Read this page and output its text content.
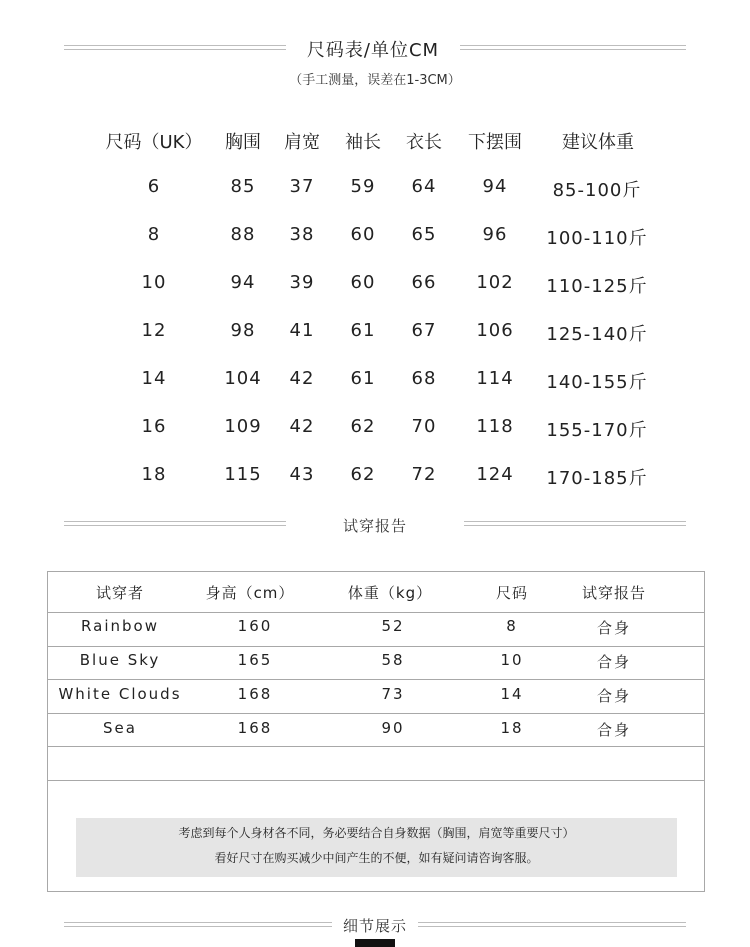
尺码表/单位CM
（手工测量，误差在1-3CM）
尺码（UK）	胸围	肩宽	袖长	衣长	下摆围	建议体重
6	85	37	59	64	94	85-100斤
8	88	38	60	65	96	100-110斤
10	94	39	60	66	102	110-125斤
12	98	41	61	67	106	125-140斤
14	104	42	61	68	114	140-155斤
16	109	42	62	70	118	155-170斤
18	115	43	62	72	124	170-185斤
试穿报告
试穿者	身高（cm）	体重（kg）	尺码	试穿报告
Rainbow	160	52	8	合身
Blue Sky	165	58	10	合身
White Clouds	168	73	14	合身
Sea	168	90	18	合身
考虑到每个人身材各不同，务必要结合自身数据（胸围，肩宽等重要尺寸）
看好尺寸在购买减少中间产生的不便，如有疑问请咨询客服。
细节展示
